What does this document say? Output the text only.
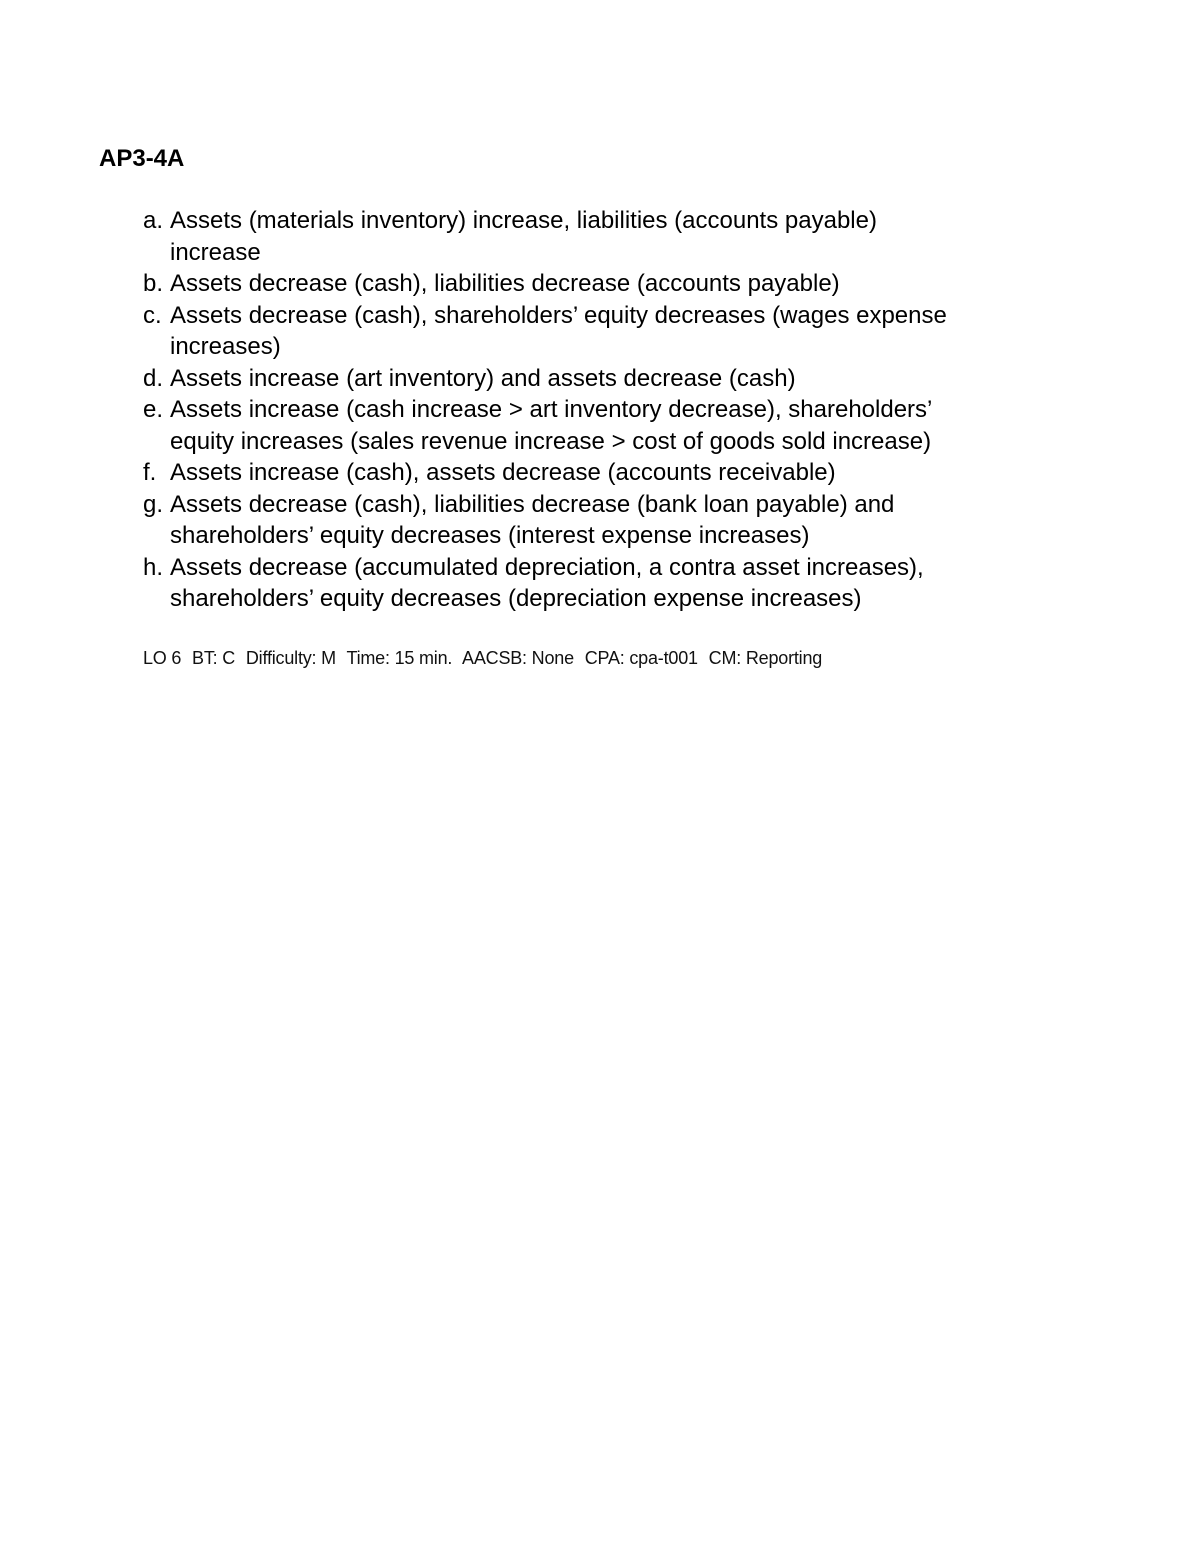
AP3-4A
a. Assets (materials inventory) increase, liabilities (accounts payable)
increase
b. Assets decrease (cash), liabilities decrease (accounts payable)
c. Assets decrease (cash), shareholders’ equity decreases (wages expense
increases)
d. Assets increase (art inventory) and assets decrease (cash)
e. Assets increase (cash increase > art inventory decrease), shareholders’
equity increases (sales revenue increase > cost of goods sold increase)
f. Assets increase (cash), assets decrease (accounts receivable)
g. Assets decrease (cash), liabilities decrease (bank loan payable) and
shareholders’ equity decreases (interest expense increases)
h. Assets decrease (accumulated depreciation, a contra asset increases),
shareholders’ equity decreases (depreciation expense increases)
LO 6 BT: C Difficulty: M Time: 15 min. AACSB: None CPA: cpa-t001 CM: Reporting
